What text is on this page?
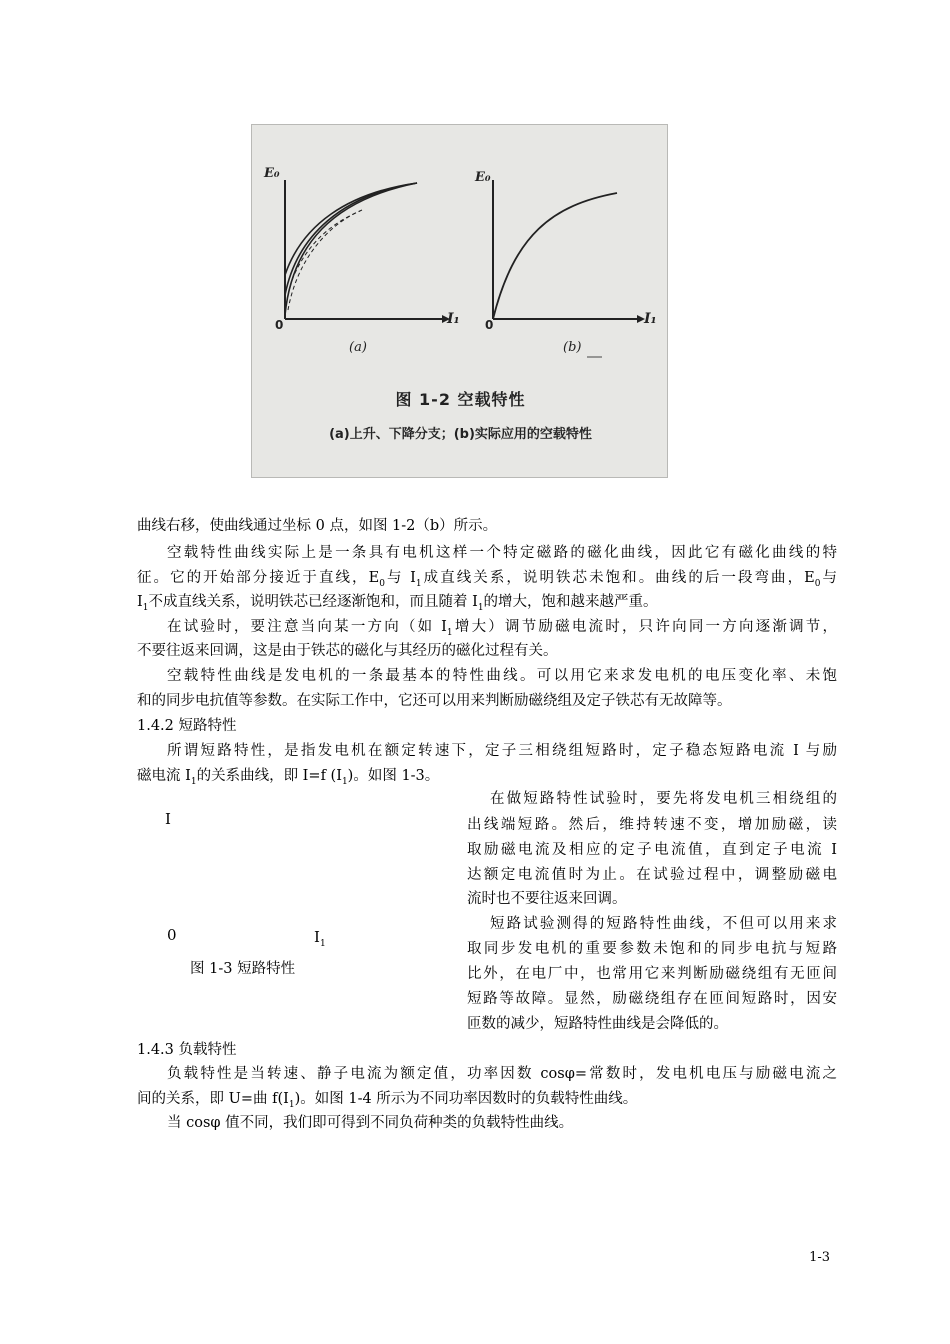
E₀
I₁
0
(a)
E₀
I₁
0
(b)
图 1-2 空载特性
(a)上升、下降分支；(b)实际应用的空载特性
曲线右移，使曲线通过坐标 0 点，如图 1-2（b）所示。
空载特性曲线实际上是一条具有电机这样一个特定磁路的磁化曲线，因此它有磁化曲线的特
征。它的开始部分接近于直线，$E_0$与 $I_1$成直线关系，说明铁芯未饱和。曲线的后一段弯曲，$E_0$与
$I_1$不成直线关系，说明铁芯已经逐渐饱和，而且随着 $I_1$的增大，饱和越来越严重。
在试验时，要注意当向某一方向（如 $I_1$增大）调节励磁电流时，只许向同一方向逐渐调节，
不要往返来回调，这是由于铁芯的磁化与其经历的磁化过程有关。
空载特性曲线是发电机的一条最基本的特性曲线。可以用它来求发电机的电压变化率、未饱
和的同步电抗值等参数。在实际工作中，它还可以用来判断励磁绕组及定子铁芯有无故障等。
1.4.2 短路特性
所谓短路特性，是指发电机在额定转速下，定子三相绕组短路时，定子稳态短路电流 I 与励
磁电流 $I_1$的关系曲线，即 I=f $(I_1)$。如图 1-3。
I
0	$I_1$
图 1-3 短路特性
在做短路特性试验时，要先将发电机三相绕组的
出线端短路。然后，维持转速不变，增加励磁，读
取励磁电流及相应的定子电流值，直到定子电流 I
达额定电流值时为止。在试验过程中，调整励磁电
流时也不要往返来回调。
短路试验测得的短路特性曲线，不但可以用来求
取同步发电机的重要参数未饱和的同步电抗与短路
比外，在电厂中，也常用它来判断励磁绕组有无匝间
短路等故障。显然，励磁绕组存在匝间短路时，因安
匝数的减少，短路特性曲线是会降低的。
1.4.3 负载特性
负载特性是当转速、静子电流为额定值，功率因数 cosφ=常数时，发电机电压与励磁电流之
间的关系，即 U=曲 $f(I_1)$。如图 1-4 所示为不同功率因数时的负载特性曲线。
当 cosφ 值不同，我们即可得到不同负荷种类的负载特性曲线。
1-3
